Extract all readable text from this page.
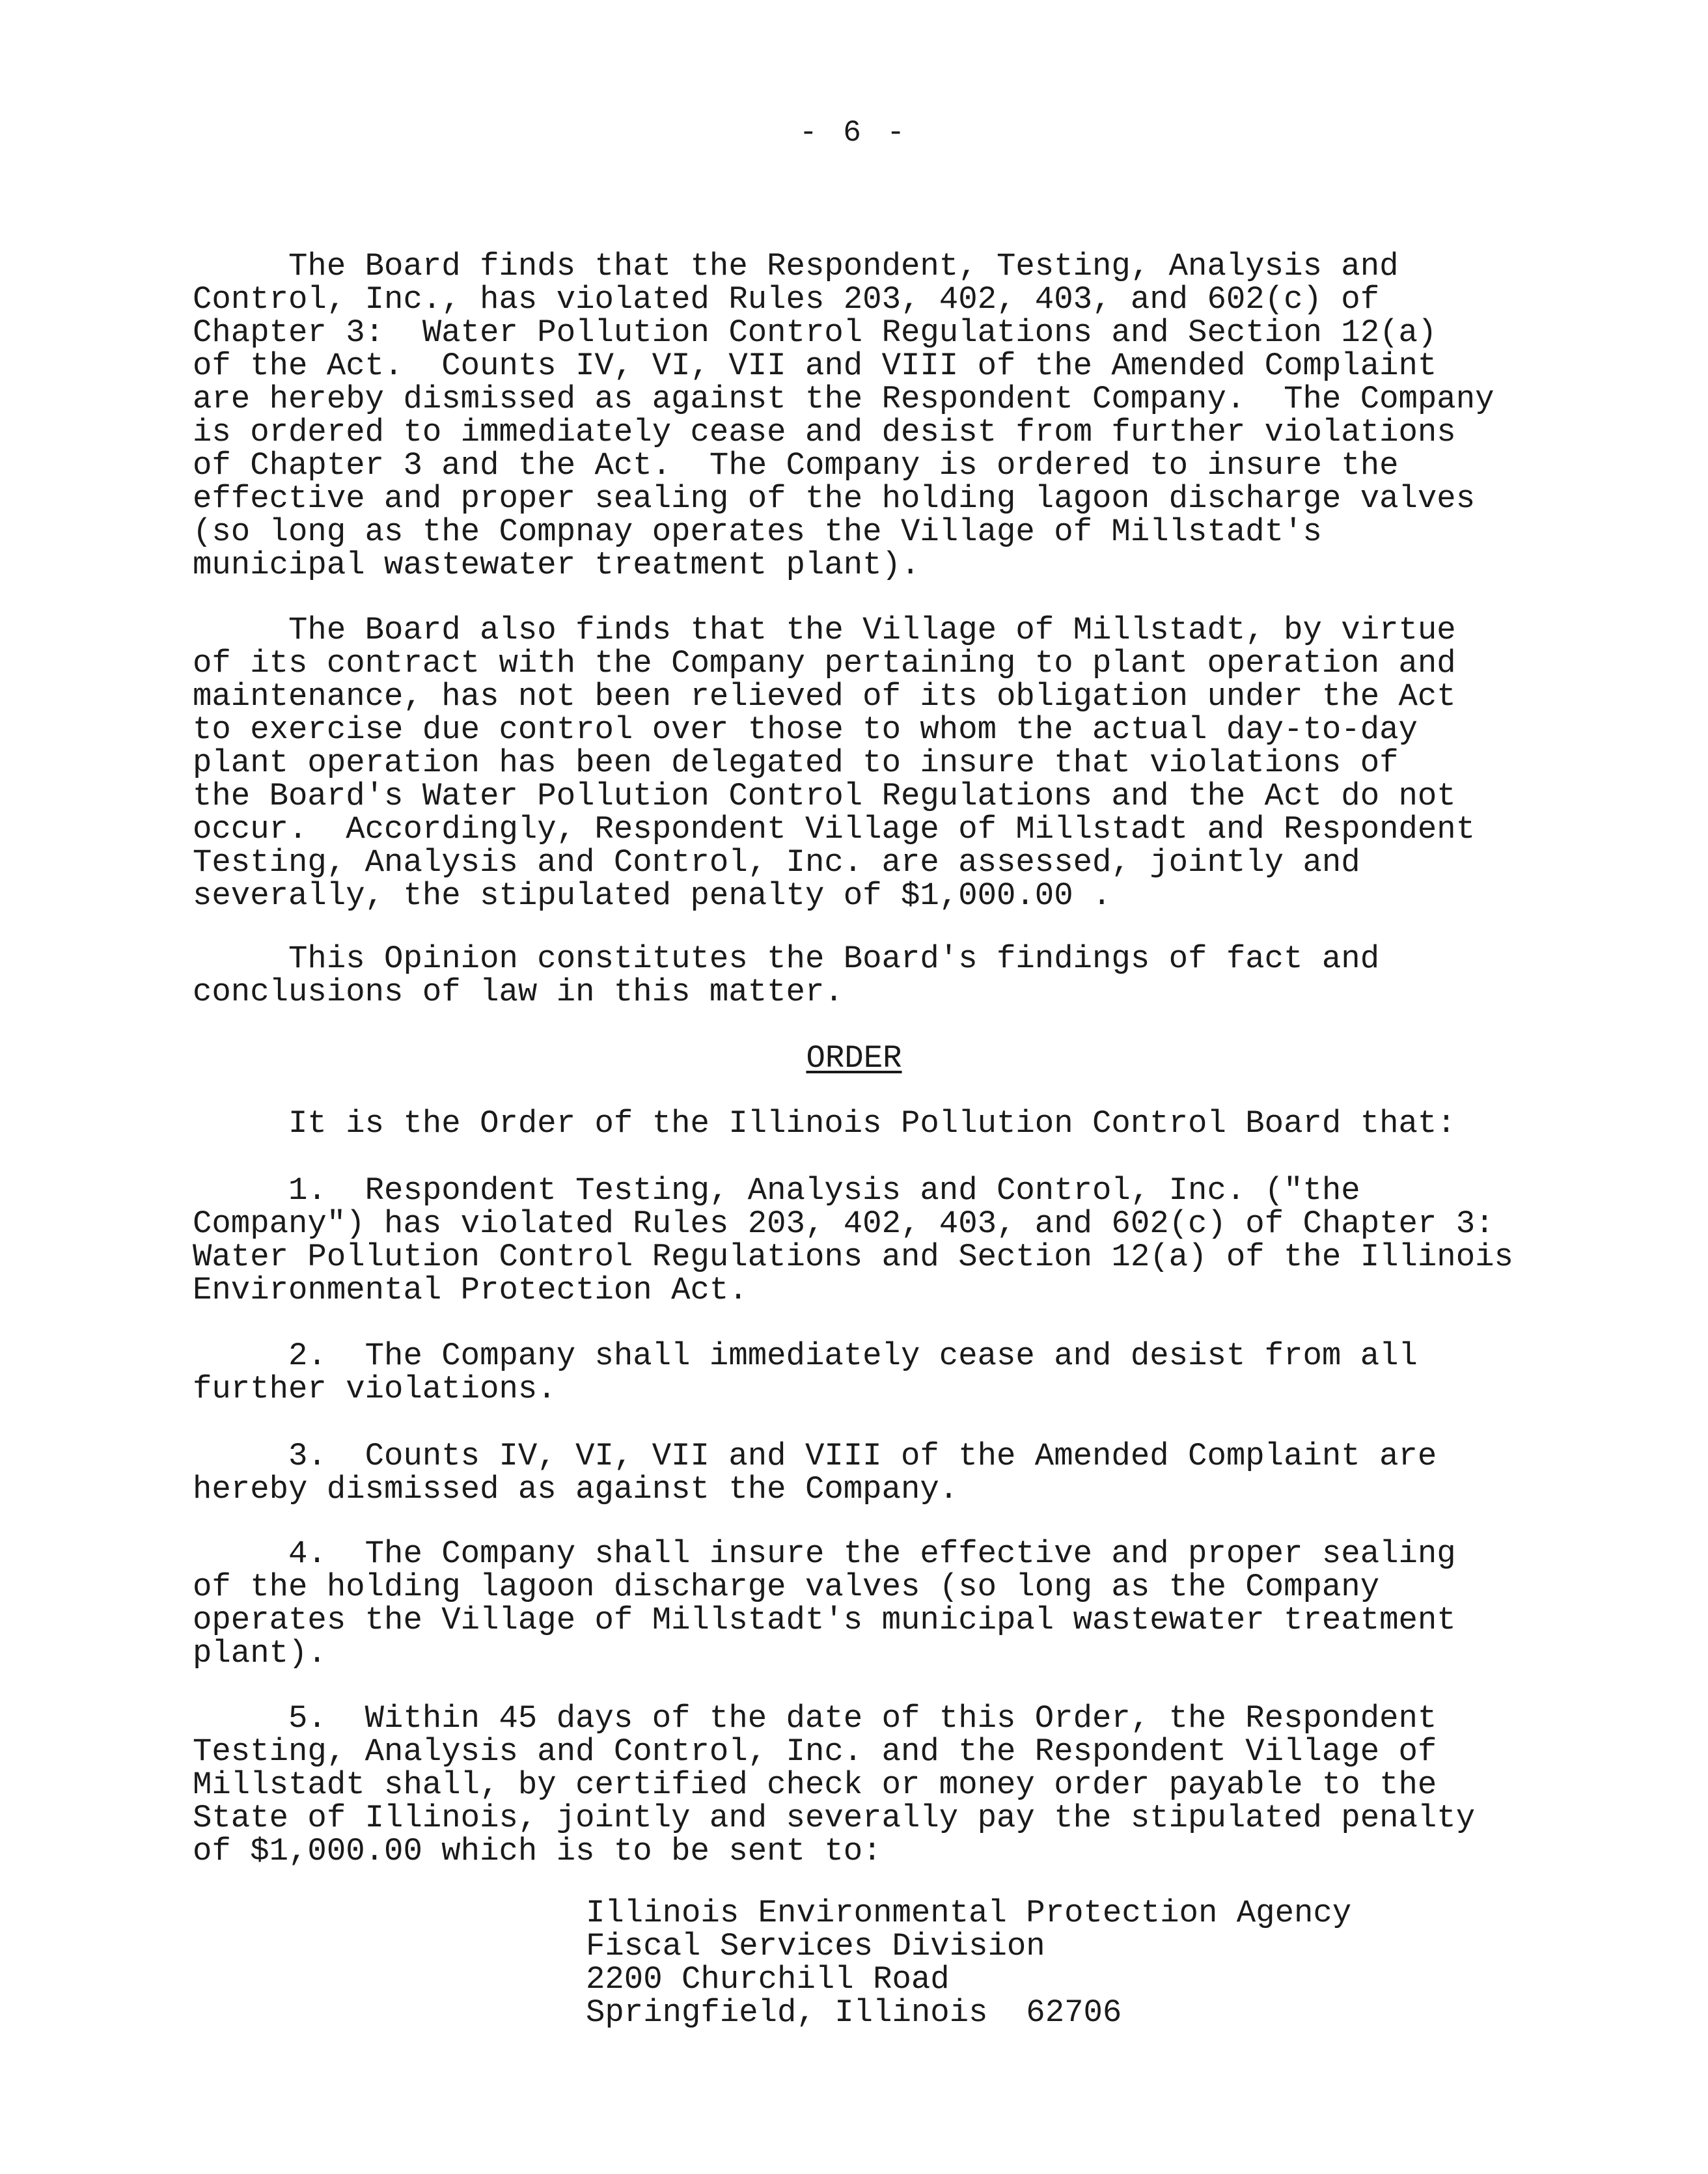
- 6 -
The Board finds that the Respondent, Testing, Analysis and
Control, Inc., has violated Rules 203, 402, 403, and 602(c) of
Chapter 3:  Water Pollution Control Regulations and Section 12(a)
of the Act.  Counts IV, VI, VII and VIII of the Amended Complaint
are hereby dismissed as against the Respondent Company.  The Company
is ordered to immediately cease and desist from further violations
of Chapter 3 and the Act.  The Company is ordered to insure the
effective and proper sealing of the holding lagoon discharge valves
(so long as the Compnay operates the Village of Millstadt's
municipal wastewater treatment plant).
The Board also finds that the Village of Millstadt, by virtue
of its contract with the Company pertaining to plant operation and
maintenance, has not been relieved of its obligation under the Act
to exercise due control over those to whom the actual day-to-day
plant operation has been delegated to insure that violations of
the Board's Water Pollution Control Regulations and the Act do not
occur.  Accordingly, Respondent Village of Millstadt and Respondent
Testing, Analysis and Control, Inc. are assessed, jointly and
severally, the stipulated penalty of $1,000.00 .
This Opinion constitutes the Board's findings of fact and
conclusions of law in this matter.
ORDER
It is the Order of the Illinois Pollution Control Board that:
1.  Respondent Testing, Analysis and Control, Inc. ("the
Company") has violated Rules 203, 402, 403, and 602(c) of Chapter 3:
Water Pollution Control Regulations and Section 12(a) of the Illinois
Environmental Protection Act.
2.  The Company shall immediately cease and desist from all
further violations.
3.  Counts IV, VI, VII and VIII of the Amended Complaint are
hereby dismissed as against the Company.
4.  The Company shall insure the effective and proper sealing
of the holding lagoon discharge valves (so long as the Company
operates the Village of Millstadt's municipal wastewater treatment
plant).
5.  Within 45 days of the date of this Order, the Respondent
Testing, Analysis and Control, Inc. and the Respondent Village of
Millstadt shall, by certified check or money order payable to the
State of Illinois, jointly and severally pay the stipulated penalty
of $1,000.00 which is to be sent to:
Illinois Environmental Protection Agency
Fiscal Services Division
2200 Churchill Road
Springfield, Illinois  62706
